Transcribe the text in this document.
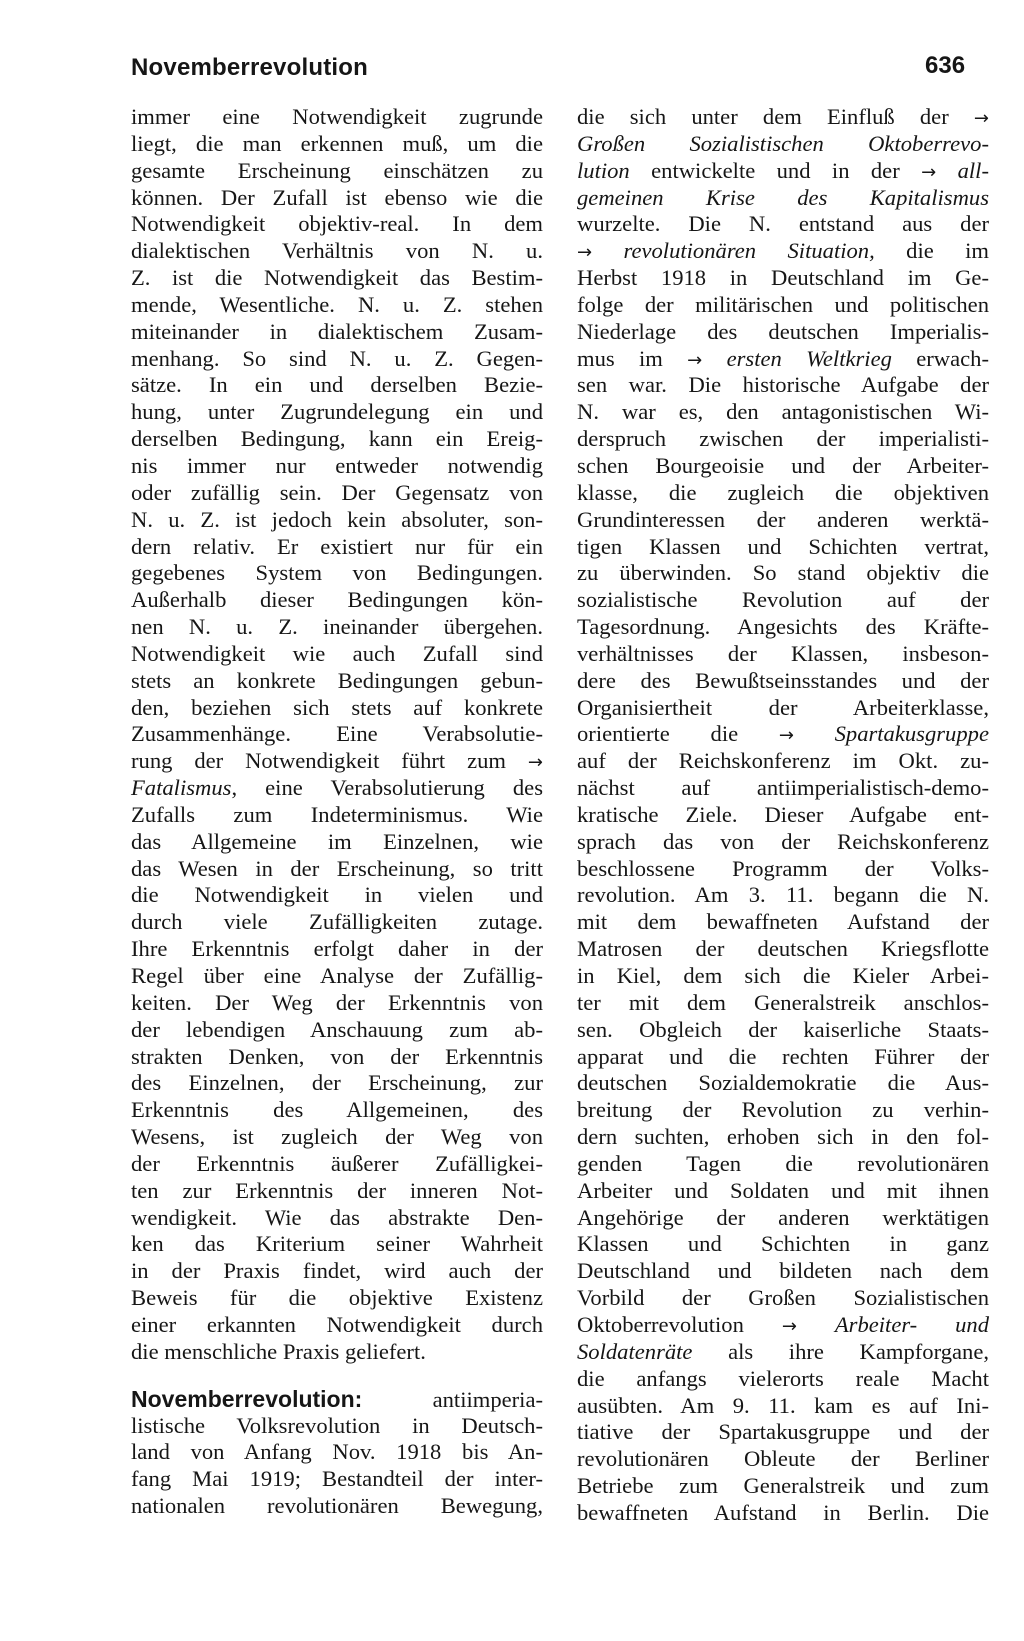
Novemberrevolution	636
immer eine Notwendigkeit zugrunde
liegt, die man erkennen muß, um die
gesamte Erscheinung einschätzen zu
können. Der Zufall ist ebenso wie die
Notwendigkeit objektiv-real. In dem
dialektischen Verhältnis von N. u.
Z. ist die Notwendigkeit das Bestim-
mende, Wesentliche. N. u. Z. stehen
miteinander in dialektischem Zusam-
menhang. So sind N. u. Z. Gegen-
sätze. In ein und derselben Bezie-
hung, unter Zugrundelegung ein und
derselben Bedingung, kann ein Ereig-
nis immer nur entweder notwendig
oder zufällig sein. Der Gegensatz von
N. u. Z. ist jedoch kein absoluter, son-
dern relativ. Er existiert nur für ein
gegebenes System von Bedingungen.
Außerhalb dieser Bedingungen kön-
nen N. u. Z. ineinander übergehen.
Notwendigkeit wie auch Zufall sind
stets an konkrete Bedingungen gebun-
den, beziehen sich stets auf konkrete
Zusammenhänge. Eine Verabsolutie-
rung der Notwendigkeit führt zum →
Fatalismus, eine Verabsolutierung des
Zufalls zum Indeterminismus. Wie
das Allgemeine im Einzelnen, wie
das Wesen in der Erscheinung, so tritt
die Notwendigkeit in vielen und
durch viele Zufälligkeiten zutage.
Ihre Erkenntnis erfolgt daher in der
Regel über eine Analyse der Zufällig-
keiten. Der Weg der Erkenntnis von
der lebendigen Anschauung zum ab-
strakten Denken, von der Erkenntnis
des Einzelnen, der Erscheinung, zur
Erkenntnis des Allgemeinen, des
Wesens, ist zugleich der Weg von
der Erkenntnis äußerer Zufälligkei-
ten zur Erkenntnis der inneren Not-
wendigkeit. Wie das abstrakte Den-
ken das Kriterium seiner Wahrheit
in der Praxis findet, wird auch der
Beweis für die objektive Existenz
einer erkannten Notwendigkeit durch
die menschliche Praxis geliefert.
Novemberrevolution: antiimperia-
listische Volksrevolution in Deutsch-
land von Anfang Nov. 1918 bis An-
fang Mai 1919; Bestandteil der inter-
nationalen revolutionären Bewegung,
die sich unter dem Einfluß der →
Großen Sozialistischen Oktoberrevo-
lution entwickelte und in der → all-
gemeinen Krise des Kapitalismus
wurzelte. Die N. entstand aus der
→ revolutionären Situation, die im
Herbst 1918 in Deutschland im Ge-
folge der militärischen und politischen
Niederlage des deutschen Imperialis-
mus im → ersten Weltkrieg erwach-
sen war. Die historische Aufgabe der
N. war es, den antagonistischen Wi-
derspruch zwischen der imperialisti-
schen Bourgeoisie und der Arbeiter-
klasse, die zugleich die objektiven
Grundinteressen der anderen werktä-
tigen Klassen und Schichten vertrat,
zu überwinden. So stand objektiv die
sozialistische Revolution auf der
Tagesordnung. Angesichts des Kräfte-
verhältnisses der Klassen, insbeson-
dere des Bewußtseinsstandes und der
Organisiertheit der Arbeiterklasse,
orientierte die → Spartakusgruppe
auf der Reichskonferenz im Okt. zu-
nächst auf antiimperialistisch-demo-
kratische Ziele. Dieser Aufgabe ent-
sprach das von der Reichskonferenz
beschlossene Programm der Volks-
revolution. Am 3. 11. begann die N.
mit dem bewaffneten Aufstand der
Matrosen der deutschen Kriegsflotte
in Kiel, dem sich die Kieler Arbei-
ter mit dem Generalstreik anschlos-
sen. Obgleich der kaiserliche Staats-
apparat und die rechten Führer der
deutschen Sozialdemokratie die Aus-
breitung der Revolution zu verhin-
dern suchten, erhoben sich in den fol-
genden Tagen die revolutionären
Arbeiter und Soldaten und mit ihnen
Angehörige der anderen werktätigen
Klassen und Schichten in ganz
Deutschland und bildeten nach dem
Vorbild der Großen Sozialistischen
Oktoberrevolution → Arbeiter- und
Soldatenräte als ihre Kampforgane,
die anfangs vielerorts reale Macht
ausübten. Am 9. 11. kam es auf Ini-
tiative der Spartakusgruppe und der
revolutionären Obleute der Berliner
Betriebe zum Generalstreik und zum
bewaffneten Aufstand in Berlin. Die
